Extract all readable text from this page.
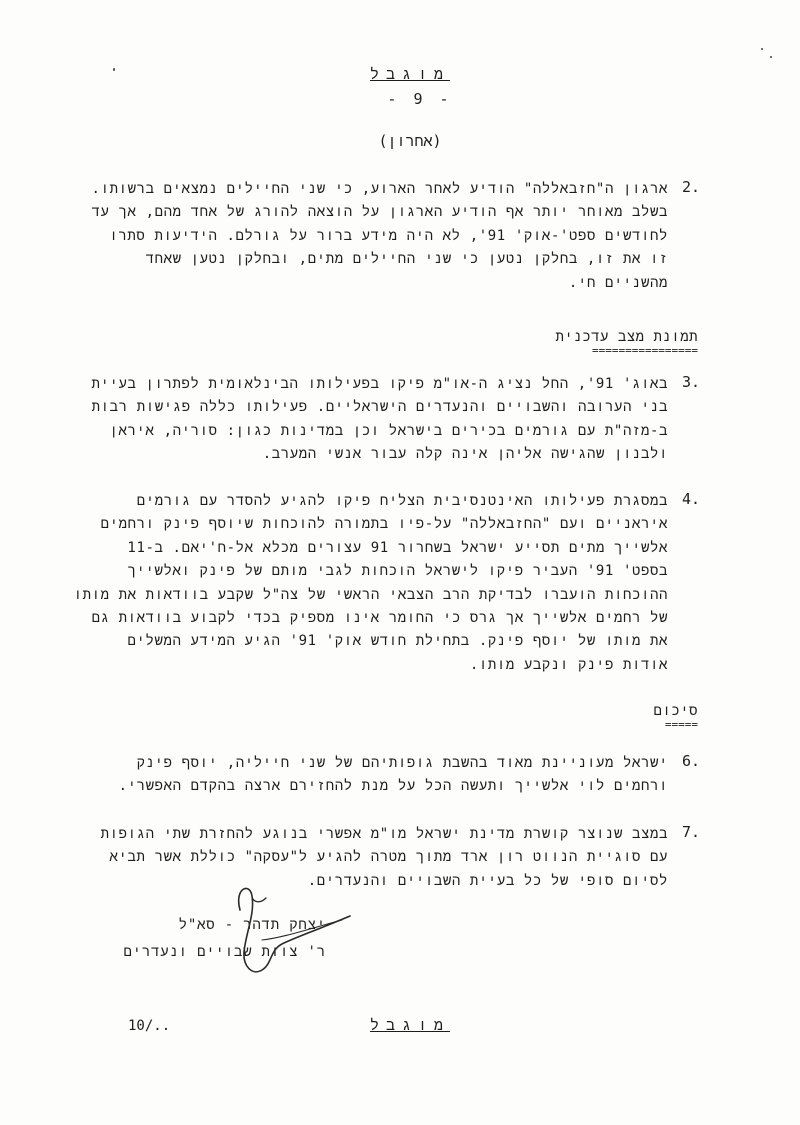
מוגבל
- 9 -
(אחרון)
2.
ארגון ה"חזבאללה" הודיע לאחר הארוע, כי שני החיילים נמצאים ברשותו.
בשלב מאוחר יותר אף הודיע הארגון על הוצאה להורג של אחד מהם, אך עד
לחודשים ספט'-אוק' 91', לא היה מידע ברור על גורלם. הידיעות סתרו
זו את זו, בחלקן נטען כי שני החיילים מתים, ובחלקן נטען שאחד
מהשניים חי.
תמונת מצב עדכנית
================
3.
באוג' 91', החל נציג ה-או"מ פיקו בפעילותו הבינלאומית לפתרון בעיית
בני הערובה והשבויים והנעדרים הישראליים. פעילותו כללה פגישות רבות
ב-מזה"ת עם גורמים בכירים בישראל וכן במדינות כגון: סוריה, איראן
ולבנון שהגישה אליהן אינה קלה עבור אנשי המערב.
4.
במסגרת פעילותו האינטנסיבית הצליח פיקו להגיע להסדר עם גורמים
איראניים ועם "החזבאללה" על-פיו בתמורה להוכחות שיוסף פינק ורחמים
אלשייך מתים תסייע ישראל בשחרור 91 עצורים מכלא אל-ח'יאם. ב-11
בספט' 91' העביר פיקו לישראל הוכחות לגבי מותם של פינק ואלשייך
ההוכחות הועברו לבדיקת הרב הצבאי הראשי של צה"ל שקבע בוודאות את מותו
של רחמים אלשייך אך גרס כי החומר אינו מספיק בכדי לקבוע בוודאות גם
את מותו של יוסף פינק. בתחילת חודש אוק' 91' הגיע המידע המשלים
אודות פינק ונקבע מותו.
סיכום
=====
6.
ישראל מעוניינת מאוד בהשבת גופותיהם של שני חייליה, יוסף פינק
ורחמים לוי אלשייך ותעשה הכל על מנת להחזירם ארצה בהקדם האפשרי.
7.
במצב שנוצר קושרת מדינת ישראל מו"מ אפשרי בנוגע להחזרת שתי הגופות
עם סוגיית הנווט רון ארד מתוך מטרה להגיע ל"עסקה" כוללת אשר תביא
לסיום סופי של כל בעיית השבויים והנעדרים.
יצחק תדהר - סא"ל
ר' צוות שבויים ונעדרים
10/..	מוגבל
